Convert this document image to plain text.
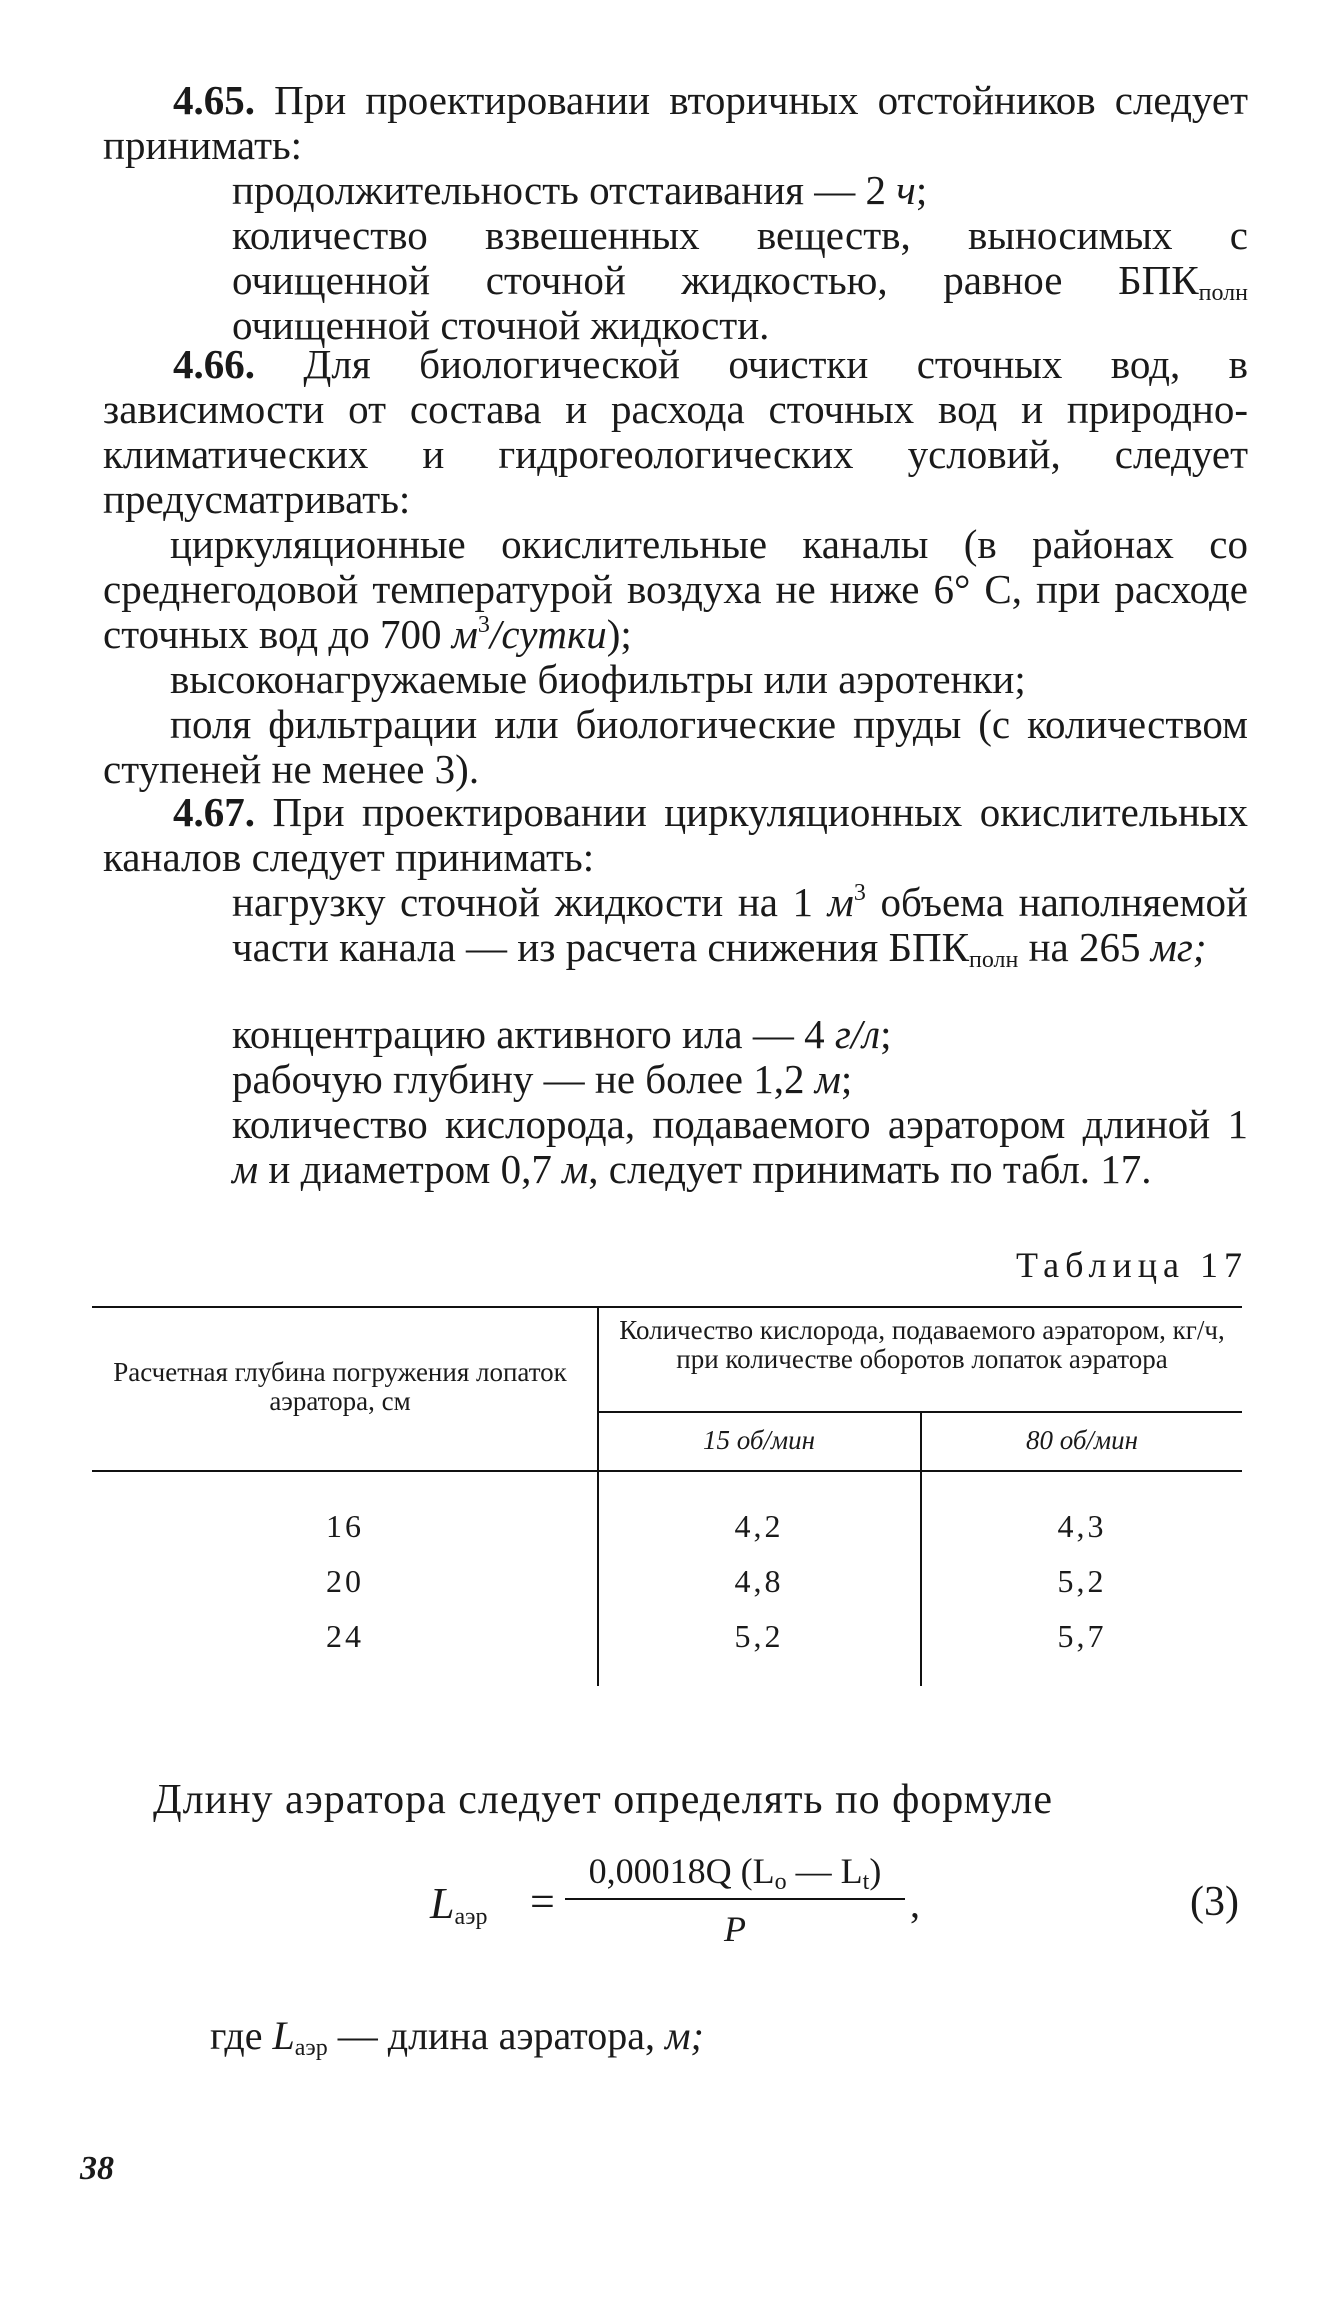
4.65. При проектировании вторичных отстойников следует принимать:
продолжительность отстаивания — 2 ч;
количество взвешенных веществ, выносимых с очищенной сточной жидкостью, равное $БПК_{полн}$ очищенной сточной жидкости.
4.66. Для биологической очистки сточных вод, в зависимости от состава и расхода сточных вод и природно-климатических и гидрогеологических условий, следует предусматривать:
циркуляционные окислительные каналы (в районах со среднегодовой температурой воздуха не ниже 6° С, при расходе сточных вод до 700 $м^3/сутки$);
высоконагружаемые биофильтры или аэротенки;
поля фильтрации или биологические пруды (с количеством ступеней не менее 3).
4.67. При проектировании циркуляционных окислительных каналов следует принимать:
нагрузку сточной жидкости на 1 $м^3$ объема наполняемой части канала — из расчета снижения $БПК_{полн}$ на 265 мг;
концентрацию активного ила — 4 г/л;
рабочую глубину — не более 1,2 м;
количество кислорода, подаваемого аэратором длиной 1 м и диаметром 0,7 м, следует принимать по табл. 17.
Таблица 17
Расчетная глубина погружения лопаток аэратора, см
Количество кислорода, подаваемого аэратором, кг/ч, при количестве оборотов лопаток аэратора
15 об/мин	80 об/мин
16	4,2	4,3
20	4,8	5,2
24	5,2	5,7
Длину аэратора следует определять по формуле
$L_{аэр}$ =
0,00018Q ($L_o$ — $L_t$)
P
,	(3)
где $L_{аэр}$ — длина аэратора, м;
38
